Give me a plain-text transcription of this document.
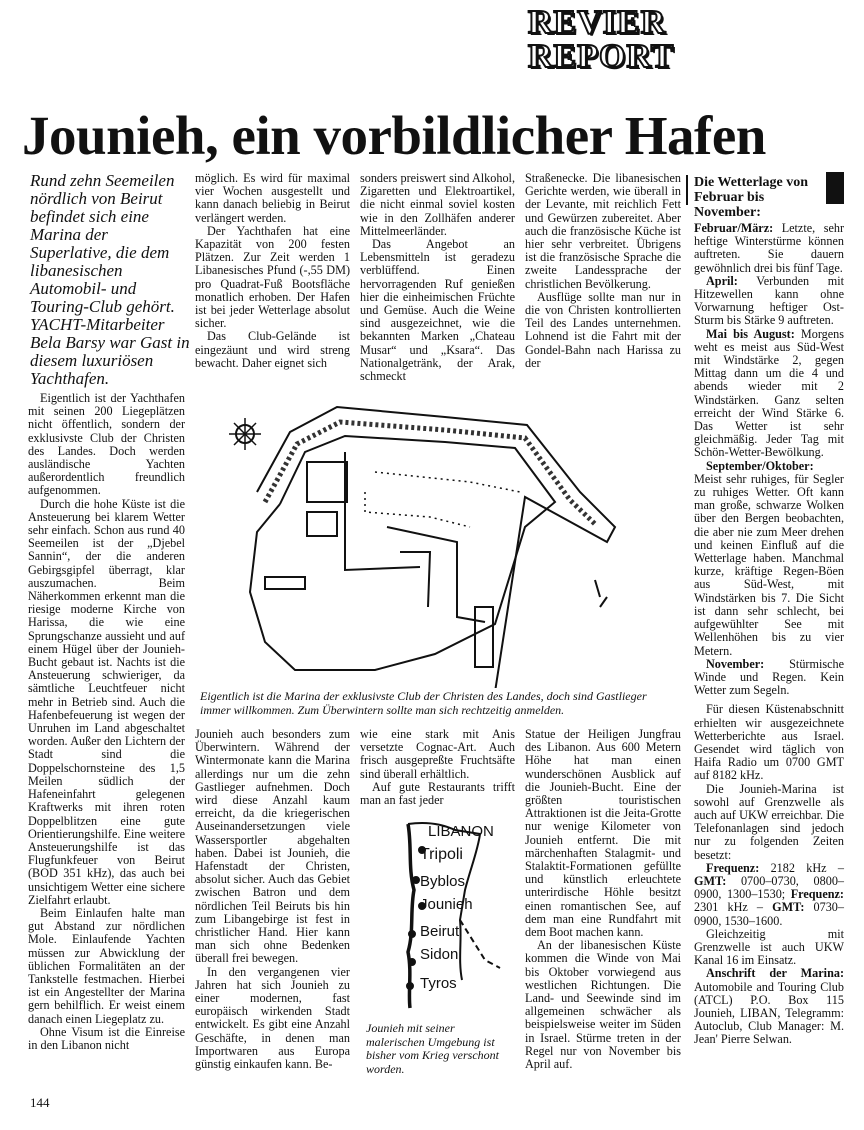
REVIER
REPORT
Jounieh, ein vorbildlicher Hafen
Rund zehn Seemeilen nördlich von Beirut befindet sich eine Marina der Superlative, die dem libanesischen Automobil- und Touring-Club gehört. YACHT-Mitarbeiter Bela Barsy war Gast in diesem luxuriösen Yachthafen.

Eigentlich ist der Yachthafen mit seinen 200 Liegeplätzen nicht öffentlich, sondern der exklusivste Club der Christen des Landes. Doch werden ausländische Yachten außerordentlich freundlich aufgenommen.

Durch die hohe Küste ist die Ansteuerung bei klarem Wetter sehr einfach. Schon aus rund 40 Seemeilen ist der „Djebel Sannin“, der die anderen Gebirgsgipfel überragt, klar auszumachen. Beim Näherkommen erkennt man die riesige moderne Kirche von Harissa, die wie eine Sprungschanze aussieht und auf einem Hügel über der Jounieh-Bucht gebaut ist. Nachts ist die Ansteuerung schwieriger, da sämtliche Leuchtfeuer nicht mehr in Betrieb sind. Auch die Hafenbefeuerung ist wegen der Unruhen im Land abgeschaltet worden. Außer den Lichtern der Stadt sind die Doppelschornsteine des 1,5 Meilen südlich der Hafeneinfahrt gelegenen Kraftwerks mit ihren roten Doppelblitzen eine gute Orientierungshilfe. Eine weitere Ansteuerungshilfe ist das Flugfunkfeuer von Beirut (BOD 351 kHz), das auch bei unsichtigem Wetter eine sichere Zielfahrt erlaubt.

Beim Einlaufen halte man gut Abstand zur nördlichen Mole. Einlaufende Yachten müssen zur Abwicklung der üblichen Formalitäten an der Tankstelle festmachen. Hierbei ist ein Angestellter der Marina gern behilflich. Er weist einem danach einen Liegeplatz zu.

Ohne Visum ist die Einreise in den Libanon nicht

möglich. Es wird für maximal vier Wochen ausgestellt und kann danach beliebig in Beirut verlängert werden.

Der Yachthafen hat eine Kapazität von 200 festen Plätzen. Zur Zeit werden 1 Libanesisches Pfund (-,55 DM) pro Quadrat-Fuß Bootsfläche monatlich erhoben. Der Hafen ist bei jeder Wetterlage absolut sicher.

Das Club-Gelände ist eingezäunt und wird streng bewacht. Daher eignet sich

sonders preiswert sind Alkohol, Zigaretten und Elektroartikel, die nicht einmal soviel kosten wie in den Zollhäfen anderer Mittelmeerländer.

Das Angebot an Lebensmitteln ist geradezu verblüffend. Einen hervorragenden Ruf genießen hier die einheimischen Früchte und Gemüse. Auch die Weine sind ausgezeichnet, wie die bekannten Marken „Chateau Musar“ und „Ksara“. Das Nationalgetränk, der Arak, schmeckt

Straßenecke. Die libanesischen Gerichte werden, wie überall in der Levante, mit reichlich Fett und Gewürzen zubereitet. Aber auch die französische Küche ist hier sehr verbreitet. Übrigens ist die französische Sprache die zweite Landessprache der christlichen Bevölkerung.

Ausflüge sollte man nur in die von Christen kontrollierten Teil des Landes unternehmen. Lohnend ist die Fahrt mit der Gondel-Bahn nach Harissa zu der

Eigentlich ist die Marina der exklusivste Club der Christen des Landes, doch sind Gastlieger immer willkommen. Zum Überwintern sollte man sich rechtzeitig anmelden.

Jounieh auch besonders zum Überwintern. Während der Wintermonate kann die Marina allerdings nur um die zehn Gastlieger aufnehmen. Doch wird diese Anzahl kaum erreicht, da die kriegerischen Auseinandersetzungen viele Wassersportler abgehalten haben. Dabei ist Jounieh, die Hafenstadt der Christen, absolut sicher. Auch das Gebiet zwischen Batron und dem nördlichen Teil Beiruts bis hin zum Libangebirge ist fest in christlicher Hand. Hier kann man sich ohne Bedenken überall frei bewegen.

In den vergangenen vier Jahren hat sich Jounieh zu einer modernen, fast europäisch wirkenden Stadt entwickelt. Es gibt eine Anzahl Geschäfte, in denen man Importwaren aus Europa günstig einkaufen kann. Be-

wie eine stark mit Anis versetzte Cognac-Art. Auch frisch ausgepreßte Fruchtsäfte sind überall erhältlich.

Auf gute Restaurants trifft man an fast jeder

LIBANON
Tripoli
Byblos
Jounieh
Beirut
Sidon
Tyros
Jounieh mit seiner malerischen Umgebung ist bisher vom Krieg verschont worden.

Statue der Heiligen Jungfrau des Libanon. Aus 600 Metern Höhe hat man einen wunderschönen Ausblick auf die Jounieh-Bucht. Eine der größten touristischen Attraktionen ist die Jeita-Grotte nur wenige Kilometer von Jounieh entfernt. Die mit märchenhaften Stalagmit- und Stalaktit-Formationen gefüllte und künstlich erleuchtete unterirdische Höhle besitzt einen romantischen See, auf dem man eine Rundfahrt mit dem Boot machen kann.

An der libanesischen Küste kommen die Winde von Mai bis Oktober vorwiegend aus westlichen Richtungen. Die Land- und Seewinde sind im allgemeinen schwächer als beispielsweise weiter im Süden in Israel. Stürme treten in der Regel nur von November bis April auf.

Die Wetterlage von Februar bis November:

Februar/März: Letzte, sehr heftige Winterstürme können auftreten. Sie dauern gewöhnlich drei bis fünf Tage.

April: Verbunden mit Hitzewellen kann ohne Vorwarnung heftiger Ost-Sturm bis Stärke 9 auftreten.

Mai bis August: Morgens weht es meist aus Süd-West mit Windstärke 2, gegen Mittag dann um die 4 und abends wieder mit 2 Windstärken. Ganz selten erreicht der Wind Stärke 6. Das Wetter ist sehr gleichmäßig. Jeder Tag mit Schön-Wetter-Bewölkung.

September/Oktober: Meist sehr ruhiges, für Segler zu ruhiges Wetter. Oft kann man große, schwarze Wolken über den Bergen beobachten, die aber nie zum Meer drehen und keinen Einfluß auf die Wetterlage haben. Manchmal kurze, kräftige Regen-Böen aus Süd-West, mit Windstärken bis 7. Die Sicht ist dann sehr schlecht, bei aufgewühlter See mit Wellenhöhen bis zu vier Metern.

November: Stürmische Winde und Regen. Kein Wetter zum Segeln.

Für diesen Küstenabschnitt erhielten wir ausgezeichnete Wetterberichte aus Israel. Gesendet wird täglich von Haifa Radio um 0700 GMT auf 8182 kHz.

Die Jounieh-Marina ist sowohl auf Grenzwelle als auch auf UKW erreichbar. Die Telefonanlagen sind jedoch nur zu folgenden Zeiten besetzt:

Frequenz: 2182 kHz – GMT: 0700–0730, 0800–0900, 1300–1530; Frequenz: 2301 kHz – GMT: 0730–0900, 1530–1600.

Gleichzeitig mit Grenzwelle ist auch UKW Kanal 16 im Einsatz.

Anschrift der Marina: Automobile and Touring Club (ATCL) P.O. Box 115 Jounieh, LIBAN, Telegramm: Autoclub, Club Manager: M. Jean' Pierre Selwan.

144
